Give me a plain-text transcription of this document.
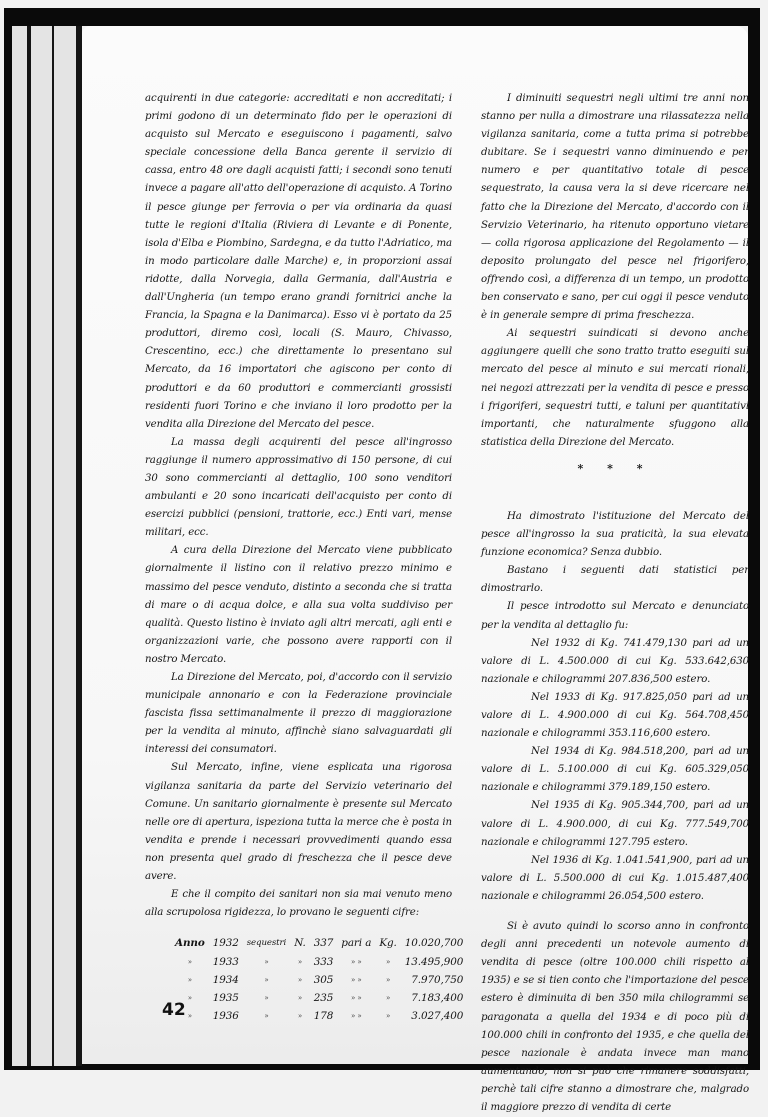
acquirenti in due categorie: accreditati e non accreditati; i primi godono di un determinato fido per le operazioni di acquisto sul Mercato e eseguiscono i pagamenti, salvo speciale concessione della Banca gerente il servizio di cassa, entro 48 ore dagli acquisti fatti; i secondi sono tenuti invece a pagare all'atto dell'operazione di acquisto. A Torino il pesce giunge per ferrovia o per via ordinaria da quasi tutte le regioni d'Italia (Riviera di Levante e di Ponente, isola d'Elba e Piombino, Sardegna, e da tutto l'Adriatico, ma in modo particolare dalle Marche) e, in proporzioni assai ridotte, dalla Norvegia, dalla Germania, dall'Austria e dall'Ungheria (un tempo erano grandi fornitrici anche la Francia, la Spagna e la Danimarca). Esso vi è portato da 25 produttori, diremo così, locali (S. Mauro, Chivasso, Crescentino, ecc.) che direttamente lo presentano sul Mercato, da 16 importatori che agiscono per conto di produttori e da 60 produttori e commercianti grossisti residenti fuori Torino e che inviano il loro prodotto per la vendita alla Direzione del Mercato del pesce.

La massa degli acquirenti del pesce all'ingrosso raggiunge il numero approssimativo di 150 persone, di cui 30 sono commercianti al dettaglio, 100 sono venditori ambulanti e 20 sono incaricati dell'acquisto per conto di esercizi pubblici (pensioni, trattorie, ecc.) Enti vari, mense militari, ecc.

A cura della Direzione del Mercato viene pubblicato giornalmente il listino con il relativo prezzo minimo e massimo del pesce venduto, distinto a seconda che si tratta di mare o di acqua dolce, e alla sua volta suddiviso per qualità. Questo listino è inviato agli altri mercati, agli enti e organizzazioni varie, che possono avere rapporti con il nostro Mercato.

La Direzione del Mercato, poi, d'accordo con il servizio municipale annonario e con la Federazione provinciale fascista fissa settimanalmente il prezzo di maggiorazione per la vendita al minuto, affinchè siano salvaguardati gli interessi dei consumatori.

Sul Mercato, infine, viene esplicata una rigorosa vigilanza sanitaria da parte del Servizio veterinario del Comune. Un sanitario giornalmente è presente sul Mercato nelle ore di apertura, ispeziona tutta la merce che è posta in vendita e prende i necessari provvedimenti quando essa non presenta quel grado di freschezza che il pesce deve avere.

E che il compito dei sanitari non sia mai venuto meno alla scrupolosa rigidezza, lo provano le seguenti cifre:

Anno	1932	sequestri	N.	337	pari a	Kg.	10.020,700
»	1933	»	»	333	» »	»	13.495,900
»	1934	»	»	305	» »	»	7.970,750
»	1935	»	»	235	» »	»	7.183,400
»	1936	»	»	178	» »	»	3.027,400

I diminuiti sequestri negli ultimi tre anni non stanno per nulla a dimostrare una rilassatezza nella vigilanza sanitaria, come a tutta prima si potrebbe dubitare. Se i sequestri vanno diminuendo e per numero e per quantitativo totale di pesce sequestrato, la causa vera la si deve ricercare nel fatto che la Direzione del Mercato, d'accordo con il Servizio Veterinario, ha ritenuto opportuno vietare — colla rigorosa applicazione del Regolamento — il deposito prolungato del pesce nel frigorifero, offrendo così, a differenza di un tempo, un prodotto ben conservato e sano, per cui oggi il pesce venduto è in generale sempre di prima freschezza.

Ai sequestri suindicati si devono anche aggiungere quelli che sono tratto tratto eseguiti sul mercato del pesce al minuto e sui mercati rionali, nei negozi attrezzati per la vendita di pesce e presso i frigoriferi, sequestri tutti, e taluni per quantitativi importanti, che naturalmente sfuggono alla statistica della Direzione del Mercato.

* * *

Ha dimostrato l'istituzione del Mercato del pesce all'ingrosso la sua praticità, la sua elevata funzione economica? Senza dubbio.

Bastano i seguenti dati statistici per dimostrarlo.

Il pesce introdotto sul Mercato e denunciato per la vendita al dettaglio fu:

Nel 1932 di Kg. 741.479,130 pari ad un valore di L. 4.500.000 di cui Kg. 533.642,630 nazionale e chilogrammi 207.836,500 estero.

Nel 1933 di Kg. 917.825,050 pari ad un valore di L. 4.900.000 di cui Kg. 564.708,450 nazionale e chilogrammi 353.116,600 estero.

Nel 1934 di Kg. 984.518,200, pari ad un valore di L. 5.100.000 di cui Kg. 605.329,050 nazionale e chilogrammi 379.189,150 estero.

Nel 1935 di Kg. 905.344,700, pari ad un valore di L. 4.900.000, di cui Kg. 777.549,700 nazionale e chilogrammi 127.795 estero.

Nel 1936 di Kg. 1.041.541,900, pari ad un valore di L. 5.500.000 di cui Kg. 1.015.487,400 nazionale e chilogrammi 26.054,500 estero.

Si è avuto quindi lo scorso anno in confronto degli anni precedenti un notevole aumento di vendita di pesce (oltre 100.000 chili rispetto al 1935) e se si tien conto che l'importazione del pesce estero è diminuita di ben 350 mila chilogrammi se paragonata a quella del 1934 e di poco più di 100.000 chili in confronto del 1935, e che quella del pesce nazionale è andata invece man mano aumentando, non si può che rimanere soddisfatti, perchè tali cifre stanno a dimostrare che, malgrado il maggiore prezzo di vendita di certe

42
